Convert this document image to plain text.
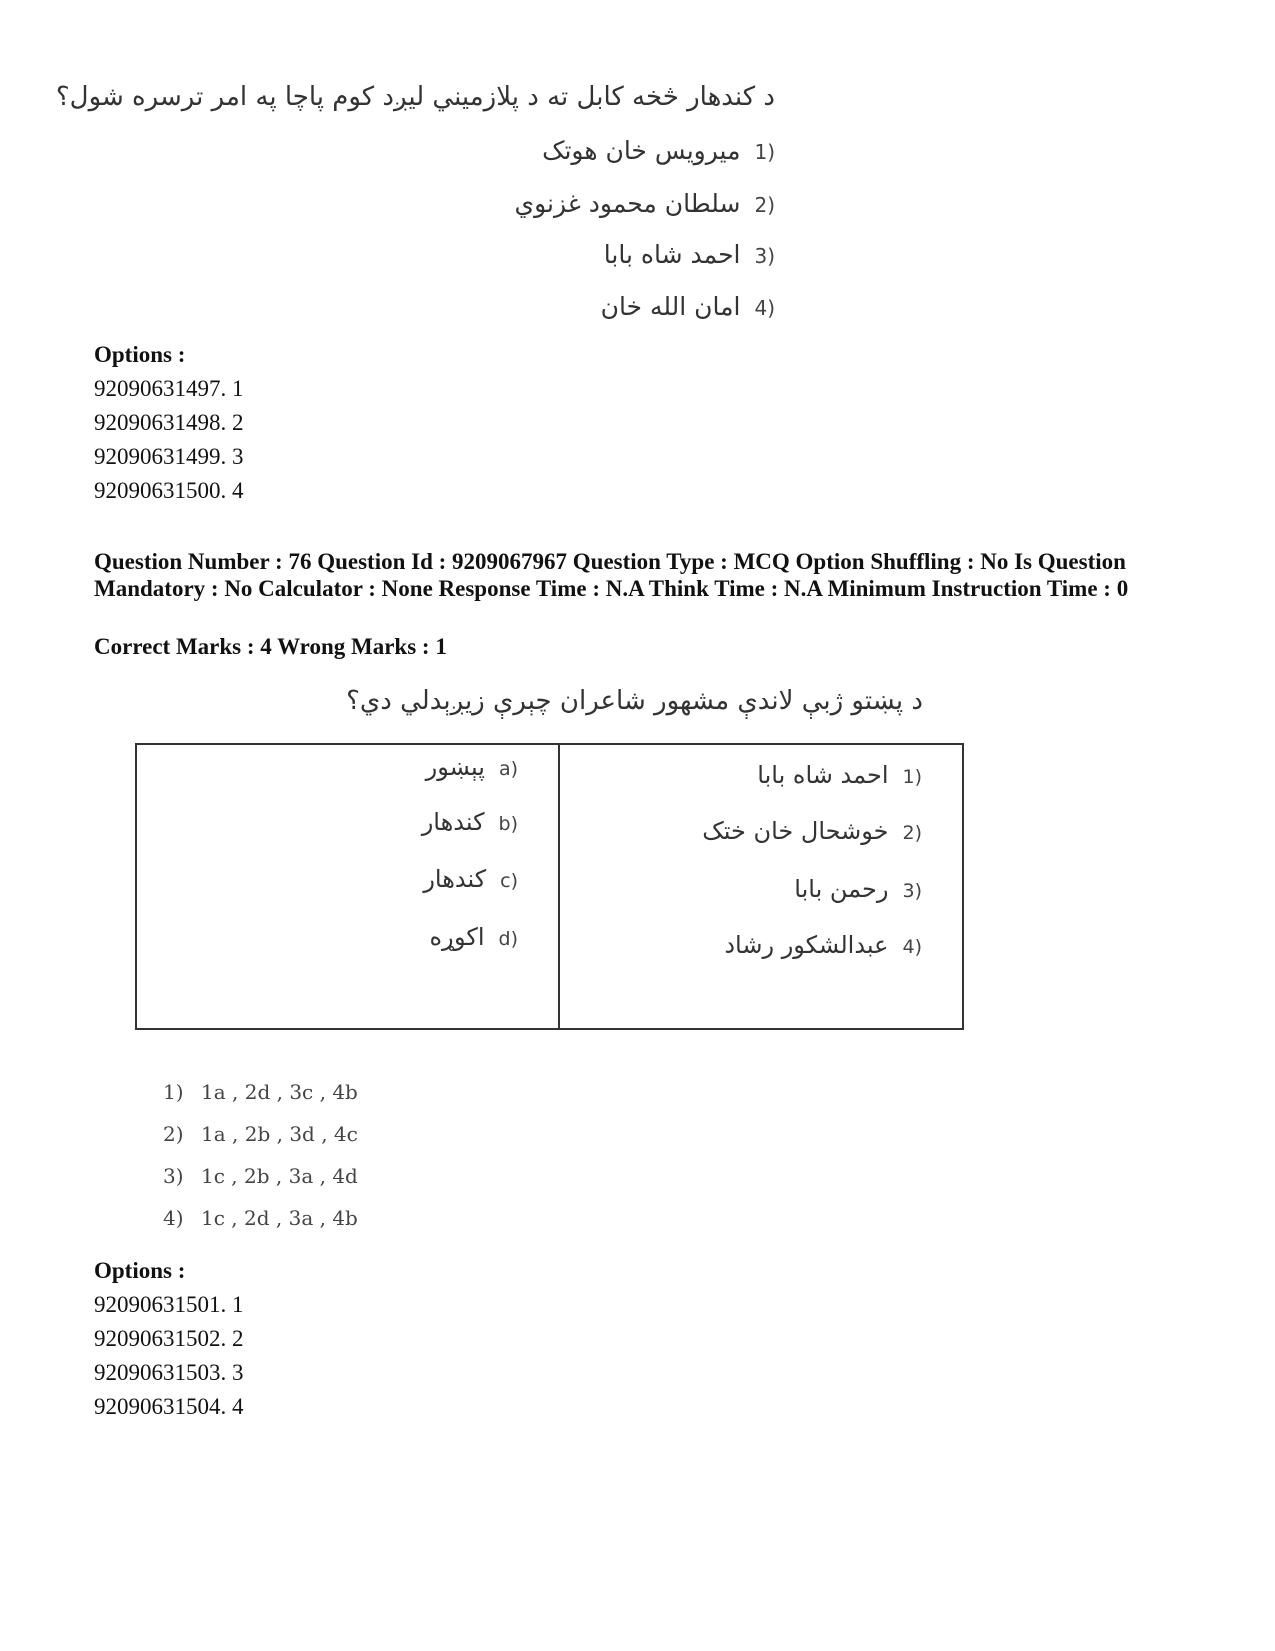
د کندهار څخه کابل ته د پلازمیني لیږد کوم پاچا په امر ترسره شول؟
1)
میرویس خان هوتک
2)
سلطان محمود غزنوي
3)
احمد شاه بابا
4)
امان الله خان
Options :
92090631497. 1
92090631498. 2
92090631499. 3
92090631500. 4
Question Number : 76 Question Id : 9209067967 Question Type : MCQ Option Shuffling : No Is Question Mandatory : No Calculator : None Response Time : N.A Think Time : N.A Minimum Instruction Time : 0
Correct Marks : 4 Wrong Marks : 1
د پښتو ژبې لاندې مشهور شاعران چېرې زیږېدلي دي؟
a)
پېښور
b)
کندهار
c)
کندهار
d)
اکوړه
1)
احمد شاه بابا
2)
خوشحال خان ختک
3)
رحمن بابا
4)
عبدالشکور رشاد
1) 1a , 2d , 3c , 4b
2) 1a , 2b , 3d , 4c
3) 1c , 2b , 3a , 4d
4) 1c , 2d , 3a , 4b
Options :
92090631501. 1
92090631502. 2
92090631503. 3
92090631504. 4
